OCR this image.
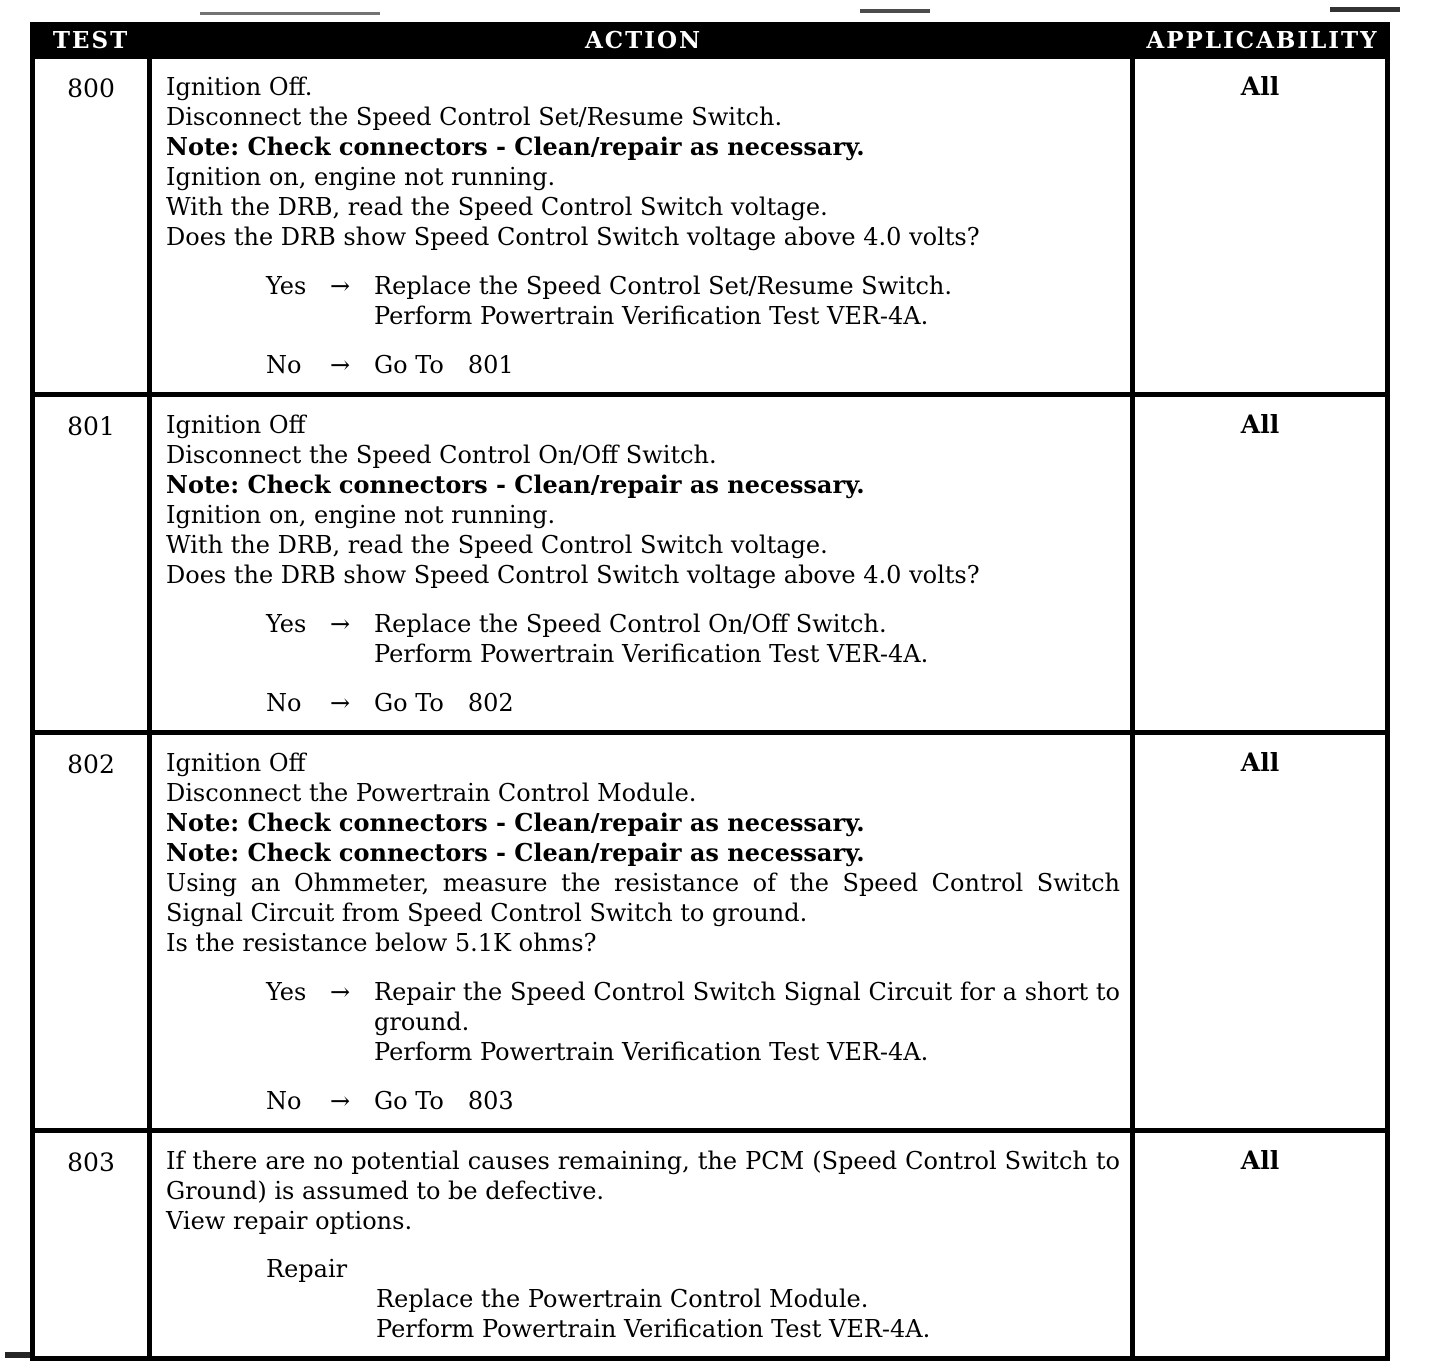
TEST	ACTION	APPLICABILITY
800	Ignition Off.
Disconnect the Speed Control Set/Resume Switch.
Note: Check connectors - Clean/repair as necessary.
Ignition on, engine not running.
With the DRB, read the Speed Control Switch voltage.
Does the DRB show Speed Control Switch voltage above 4.0 volts?
Yes → Replace the Speed Control Set/Resume Switch.
Perform Powertrain Verification Test VER-4A.
No	→ Go To  801
All
801	Ignition Off
Disconnect the Speed Control On/Off Switch.
Note: Check connectors - Clean/repair as necessary.
Ignition on, engine not running.
With the DRB, read the Speed Control Switch voltage.
Does the DRB show Speed Control Switch voltage above 4.0 volts?
Yes → Replace the Speed Control On/Off Switch.
Perform Powertrain Verification Test VER-4A.
No	→ Go To  802
All
802	Ignition Off
Disconnect the Powertrain Control Module.
Note: Check connectors - Clean/repair as necessary.
Note: Check connectors - Clean/repair as necessary.
Using an Ohmmeter, measure the resistance of the Speed Control Switch Signal Circuit from Speed Control Switch to ground.
Is the resistance below 5.1K ohms?
Yes → Repair the Speed Control Switch Signal Circuit for a short to ground.
Perform Powertrain Verification Test VER-4A.
No	→ Go To  803
All
803	If there are no potential causes remaining, the PCM (Speed Control Switch to Ground) is assumed to be defective.
View repair options.
Repair
Replace the Powertrain Control Module.
Perform Powertrain Verification Test VER-4A.
All
